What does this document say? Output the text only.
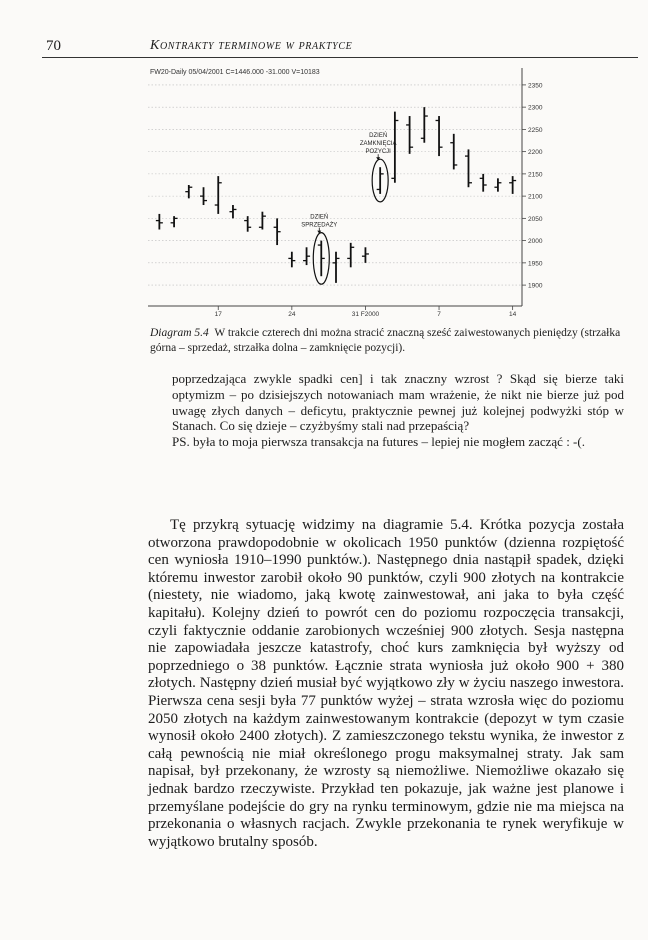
70	Kontrakty terminowe w praktyce
FW20-Daily 05/04/2001 C=1446.000 -31.000 V=10183
2350
2300
2250
2200
2150
2100
2050
2000
1950
1900
17	24	31 F2000	7	14
DZIEŃ
ZAMKNIĘCIA
POZYCJI
DZIEŃ
SPRZEDAŻY
Diagram 5.4 W trakcie czterech dni można stracić znaczną sześć zaiwestowanych pieniędzy (strzałka górna – sprzedaż, strzałka dolna – zamknięcie pozycji).

poprzedzająca zwykle spadki cen] i tak znaczny wzrost ? Skąd się bierze taki optymizm – po dzisiejszych notowaniach mam wrażenie, że nikt nie bierze już pod uwagę złych danych – deficytu, praktycznie pewnej już kolejnej podwyżki stóp w Stanach. Co się dzieje – czyżbyśmy stali nad przepaścią?

PS. była to moja pierwsza transakcja na futures – lepiej nie mogłem zacząć : -(.

Tę przykrą sytuację widzimy na diagramie 5.4. Krótka pozycja została otworzona prawdopodobnie w okolicach 1950 punktów (dzienna rozpiętość cen wyniosła 1910–1990 punktów.). Następnego dnia nastąpił spadek, dzięki któremu inwestor zarobił około 90 punktów, czyli 900 złotych na kontrakcie (niestety, nie wiadomo, jaką kwotę zainwestował, ani jaka to była część kapitału). Kolejny dzień to powrót cen do poziomu rozpoczęcia transakcji, czyli faktycznie oddanie zarobionych wcześniej 900 złotych. Sesja następna nie zapowiadała jeszcze katastrofy, choć kurs zamknięcia był wyższy od poprzedniego o 38 punktów. Łącznie strata wyniosła już około 900 + 380 złotych. Następny dzień musiał być wyjątkowo zły w życiu naszego inwestora. Pierwsza cena sesji była 77 punktów wyżej – strata wzrosła więc do poziomu 2050 złotych na każdym zainwestowanym kontrakcie (depozyt w tym czasie wynosił około 2400 złotych). Z zamieszczonego tekstu wynika, że inwestor z całą pewnością nie miał określonego progu maksymalnej straty. Jak sam napisał, był przekonany, że wzrosty są niemożliwe. Niemożliwe okazało się jednak bardzo rzeczywiste. Przykład ten pokazuje, jak ważne jest planowe i przemyślane podejście do gry na rynku terminowym, gdzie nie ma miejsca na przekonania o własnych racjach. Zwykle przekonania te rynek weryfikuje w wyjątkowo brutalny sposób.
